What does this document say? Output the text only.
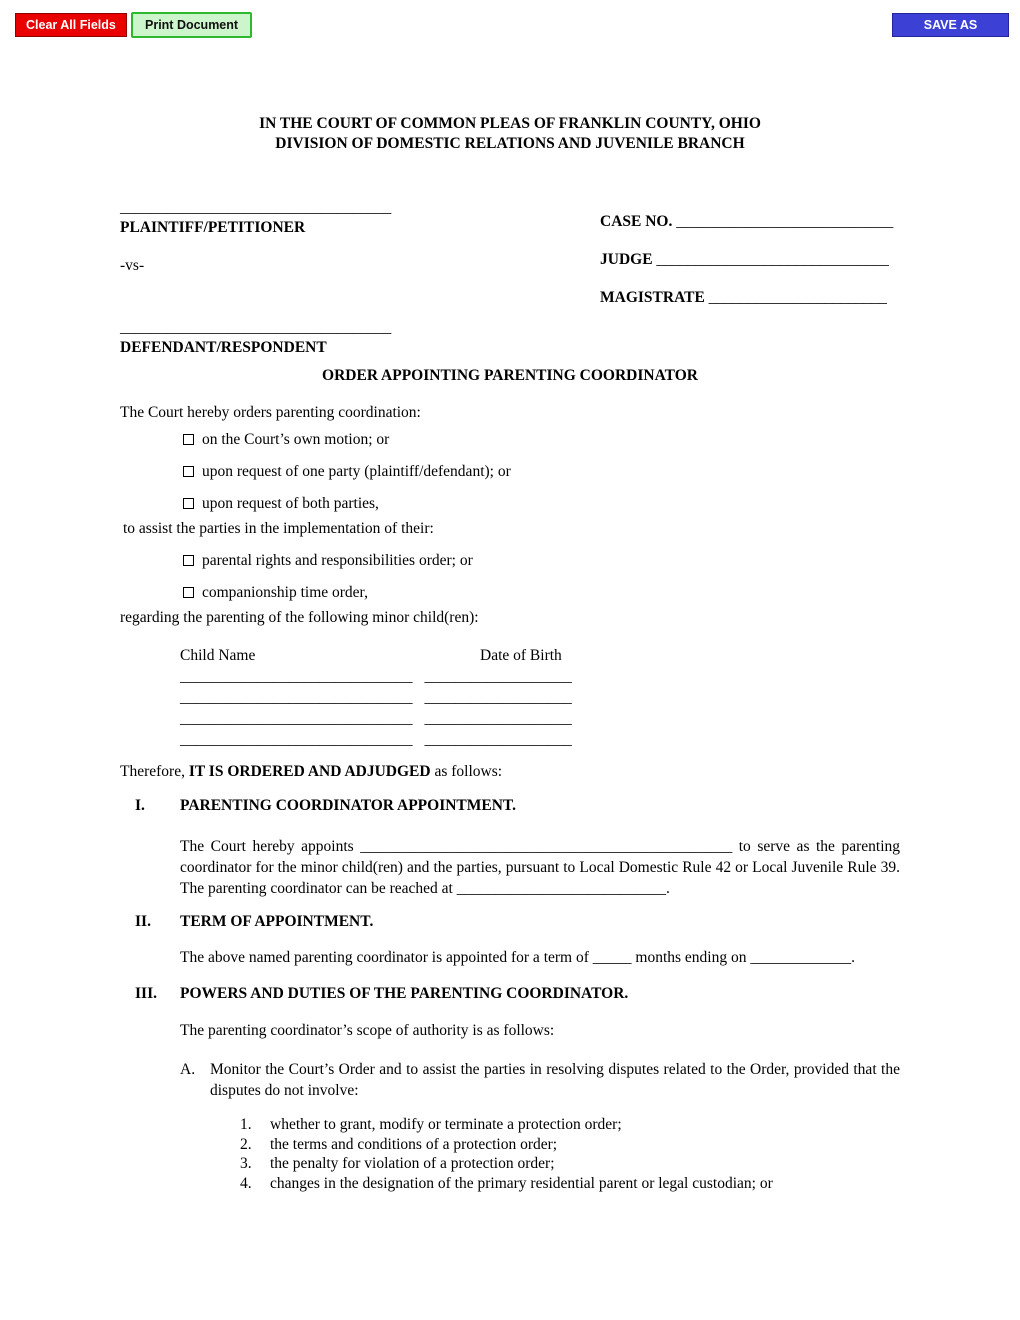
Clear All Fields	Print Document	SAVE AS
IN THE COURT OF COMMON PLEAS OF FRANKLIN COUNTY, OHIO
DIVISION OF DOMESTIC RELATIONS AND JUVENILE BRANCH
___________________________________
PLAINTIFF/PETITIONER
-vs-
___________________________________
DEFENDANT/RESPONDENT
CASE NO. ____________________________
JUDGE ______________________________
MAGISTRATE _______________________
ORDER APPOINTING PARENTING COORDINATOR
The Court hereby orders parenting coordination:
on the Court’s own motion; or
upon request of one party (plaintiff/defendant); or
upon request of both parties,
to assist the parties in the implementation of their:
parental rights and responsibilities order; or
companionship time order,
regarding the parenting of the following minor child(ren):
Child Name	Date of Birth
______________________________ ___________________
______________________________ ___________________
______________________________ ___________________
______________________________ ___________________
Therefore, IT IS ORDERED AND ADJUDGED as follows:
I.	PARENTING COORDINATOR APPOINTMENT.

The Court hereby appoints ________________________________________________ to serve as the parenting coordinator for the minor child(ren) and the parties, pursuant to Local Domestic Rule 42 or Local Juvenile Rule 39. The parenting coordinator can be reached at ___________________________.

II.	TERM OF APPOINTMENT.

The above named parenting coordinator is appointed for a term of _____ months ending on _____________.

III.	POWERS AND DUTIES OF THE PARENTING COORDINATOR.
The parenting coordinator’s scope of authority is as follows:
A. Monitor the Court’s Order and to assist the parties in resolving disputes related to the Order, provided that the disputes do not involve:
1.	whether to grant, modify or terminate a protection order;
2.	the terms and conditions of a protection order;
3.	the penalty for violation of a protection order;
4.	changes in the designation of the primary residential parent or legal custodian; or
